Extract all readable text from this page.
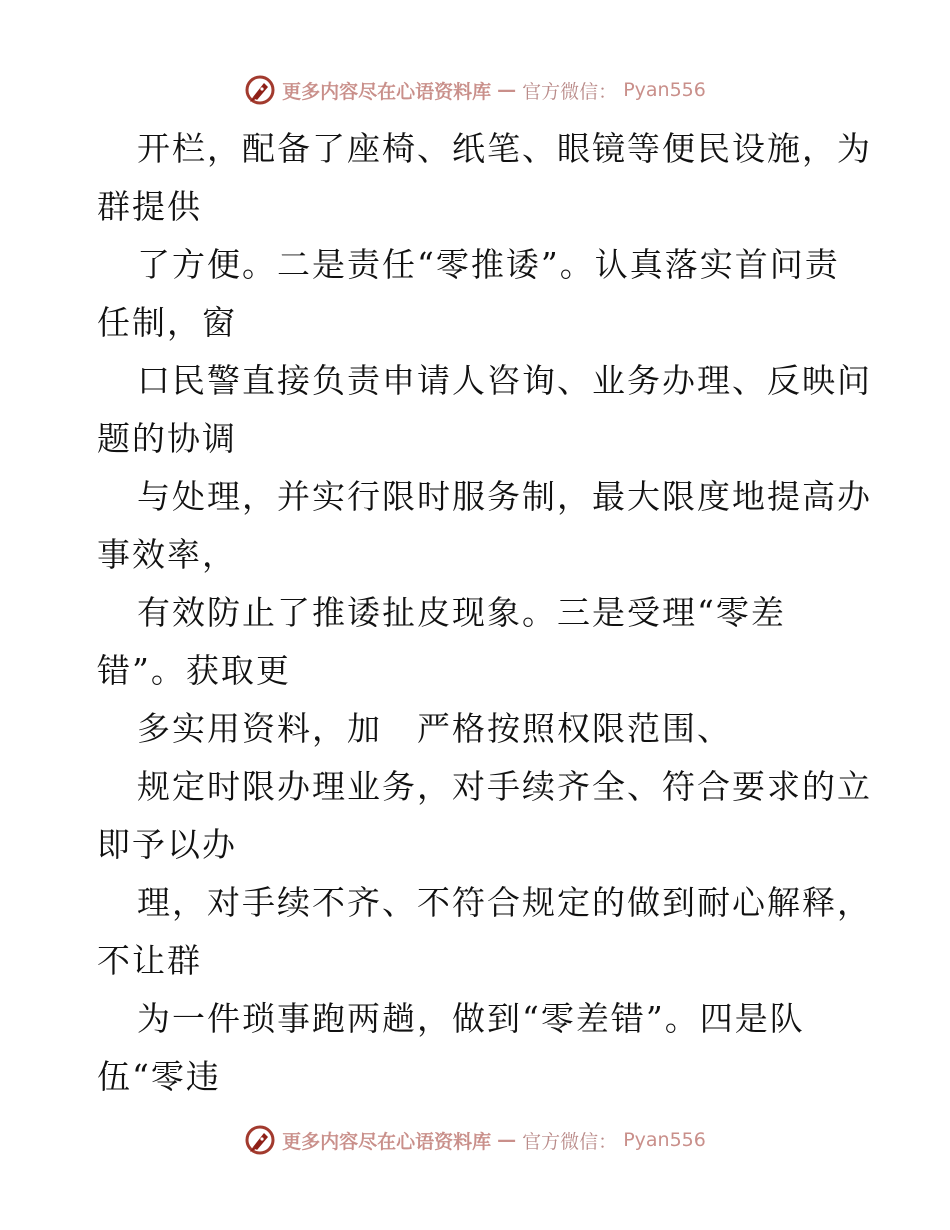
更多内容尽在心语资料库 — 官方微信： Pyan556
开栏，配备了座椅、纸笔、眼镜等便民设施，为
群提供
了方便。二是责任“零推诿”。认真落实首问责
任制，窗
口民警直接负责申请人咨询、业务办理、反映问
题的协调
与处理，并实行限时服务制，最大限度地提高办
事效率，
有效防止了推诿扯皮现象。三是受理“零差
错”。获取更
多实用资料，加　严格按照权限范围、
规定时限办理业务，对手续齐全、符合要求的立
即予以办
理，对手续不齐、不符合规定的做到耐心解释，
不让群
为一件琐事跑两趟，做到“零差错”。四是队
伍“零违
更多内容尽在心语资料库 — 官方微信： Pyan556
